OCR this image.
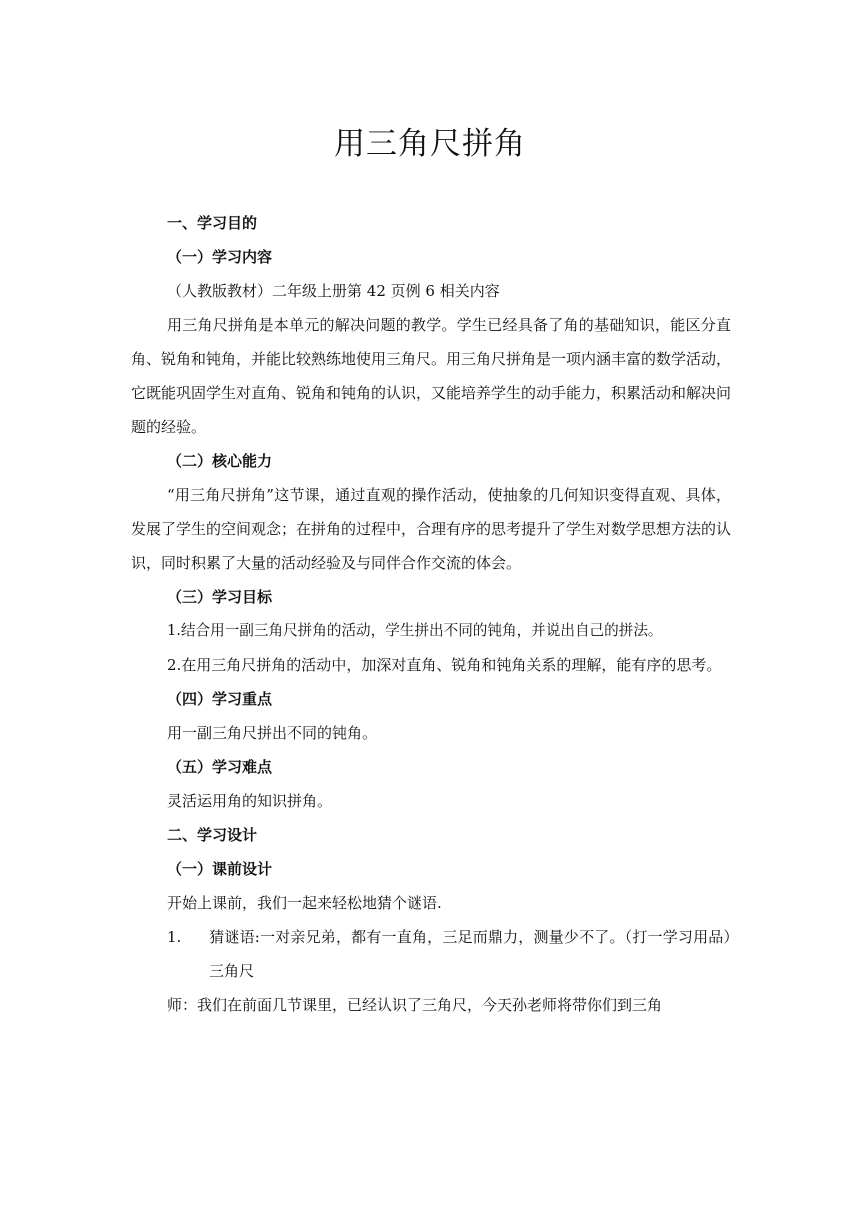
用三角尺拼角
一、学习目的
（一）学习内容
（人教版教材）二年级上册第 42 页例 6 相关内容
用三角尺拼角是本单元的解决问题的教学。学生已经具备了角的基础知识，能区分直角、锐角和钝角，并能比较熟练地使用三角尺。用三角尺拼角是一项内涵丰富的数学活动，它既能巩固学生对直角、锐角和钝角的认识，又能培养学生的动手能力，积累活动和解决问题的经验。
（二）核心能力
“用三角尺拼角”这节课，通过直观的操作活动，使抽象的几何知识变得直观、具体，发展了学生的空间观念；在拼角的过程中，合理有序的思考提升了学生对数学思想方法的认识，同时积累了大量的活动经验及与同伴合作交流的体会。
（三）学习目标
1.结合用一副三角尺拼角的活动，学生拼出不同的钝角，并说出自己的拼法。
2.在用三角尺拼角的活动中，加深对直角、锐角和钝角关系的理解，能有序的思考。
（四）学习重点
用一副三角尺拼出不同的钝角。
（五）学习难点
灵活运用角的知识拼角。
二、学习设计
（一）课前设计
开始上课前，我们一起来轻松地猜个谜语.
1. 猜谜语:一对亲兄弟，都有一直角，三足而鼎力，测量少不了。（打一学习用品）三角尺
师：我们在前面几节课里，已经认识了三角尺，今天孙老师将带你们到三角
